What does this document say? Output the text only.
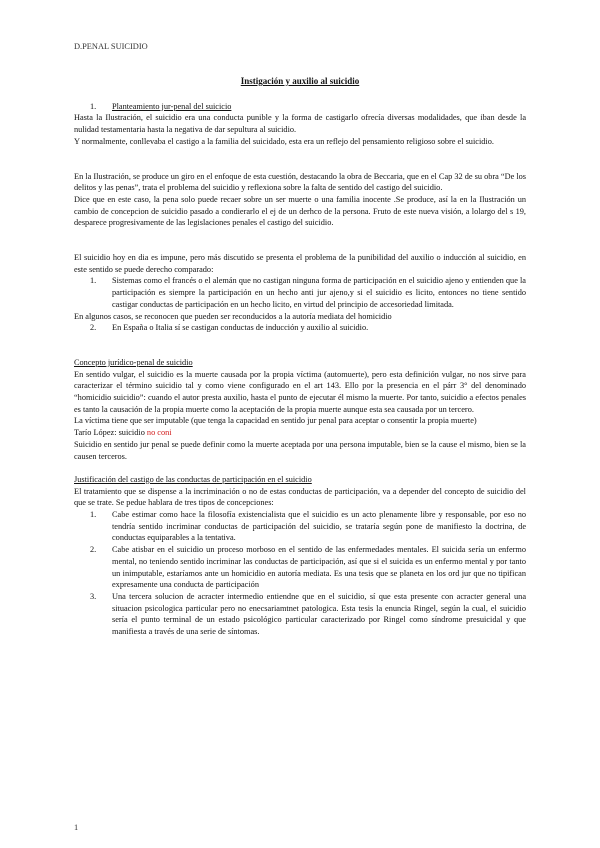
D.PENAL SUICIDIO
Instigación y auxilio al suicidio
1.	Planteamiento jur-penal del suicicio

Hasta la Ilustración, el suicidio era una conducta punible y la forma de castigarlo ofrecía diversas modalidades, que iban desde la nulidad testamentaria hasta la negativa de dar sepultura al suicidio.

Y normalmente, conllevaba el castigo a la familia del suicidado, esta era un reflejo del pensamiento religioso sobre el suicidio.

En la Ilustración, se produce un giro en el enfoque de esta cuestión, destacando la obra de Beccaria, que en el Cap 32 de su obra “De los delitos y las penas”, trata el problema del suicidio y reflexiona sobre la falta de sentido del castigo del suicidio.

Dice que en este caso, la pena solo puede recaer sobre un ser muerte o una familia inocente .Se produce, así la en la Ilustración un cambio de concepcion de suicidio pasado a condierarlo el ej de un derhco de la persona. Fruto de este nueva visión, a lolargo del s 19, desparece progresivamente de las legislaciones penales el castigo del suicidio.

El suicidio hoy en dia es impune, pero más discutido se presenta el problema de la punibilidad del auxilio o inducción al suicidio, en este sentido se puede derecho comparado:

1.	Sistemas como el francés o el alemán que no castigan ninguna forma de participación en el suicidio ajeno y entienden que la participación es siempre la participación en un hecho anti jur ajeno,y si el suicidio es licito, entonces no tiene sentido castigar conductas de participación en un hecho licito, en virtud del principio de accesoriedad limitada.

En algunos casos, se reconocen que pueden ser reconducidos a la autoría mediata del homicidio

2.	En España o Italia sí se castigan conductas de inducción y auxilio al suicidio.

Concepto jurídico-penal de suicidio

En sentido vulgar, el suicidio es la muerte causada por la propia víctima (automuerte), pero esta definición vulgar, no nos sirve para caracterizar el término suicidio tal y como viene configurado en el art 143. Ello por la presencia en el párr 3° del denominado “homicidio suicidio”: cuando el autor presta auxilio, hasta el punto de ejecutar él mismo la muerte. Por tanto, suicidio a efectos penales es tanto la causación de la propia muerte como la aceptación de la propia muerte aunque esta sea causada por un tercero.

La víctima tiene que ser imputable (que tenga la capacidad en sentido jur penal para aceptar o consentir la propia muerte)

Tarío López: suicidio no coni

Suicidio en sentido jur penal se puede definir como la muerte aceptada por una persona imputable, bien se la cause el mismo, bien se la causen terceros.

Justificación del castigo de las conductas de participación en el suicidio

El tratamiento que se dispense a la incriminación o no de estas conductas de participación, va a depender del concepto de suicidio del que se trate. Se pedue hablara de tres tipos de concepciones:

1.	Cabe estimar como hace la filosofía existencialista que el suicidio es un acto plenamente libre y responsable, por eso no tendría sentido incriminar conductas de participación del suicidio, se trataría según pone de manifiesto la doctrina, de conductas equiparables a la tentativa.
2.	Cabe atisbar en el suicidio un proceso morboso en el sentido de las enfermedades mentales. El suicida sería un enfermo mental, no teniendo sentido incriminar las conductas de participación, así que si el suicida es un enfermo mental y por tanto un inimputable, estaríamos ante un homicidio en autoría mediata. Es una tesis que se planeta en los ord jur que no tipifican expresamente una conducta de participación
3.	Una tercera solucion de acracter intermedio entiendne que en el suicidio, sí que esta presente con acracter general una situacion psicologica particular pero no enecsariamtnet patologica. Esta tesis la enuncia Ringel, según la cual, el suicidio sería el punto terminal de un estado psicológico particular caracterizado por Ringel como síndrome presuicidal y que manifiesta a través de una serie de síntomas.
1
